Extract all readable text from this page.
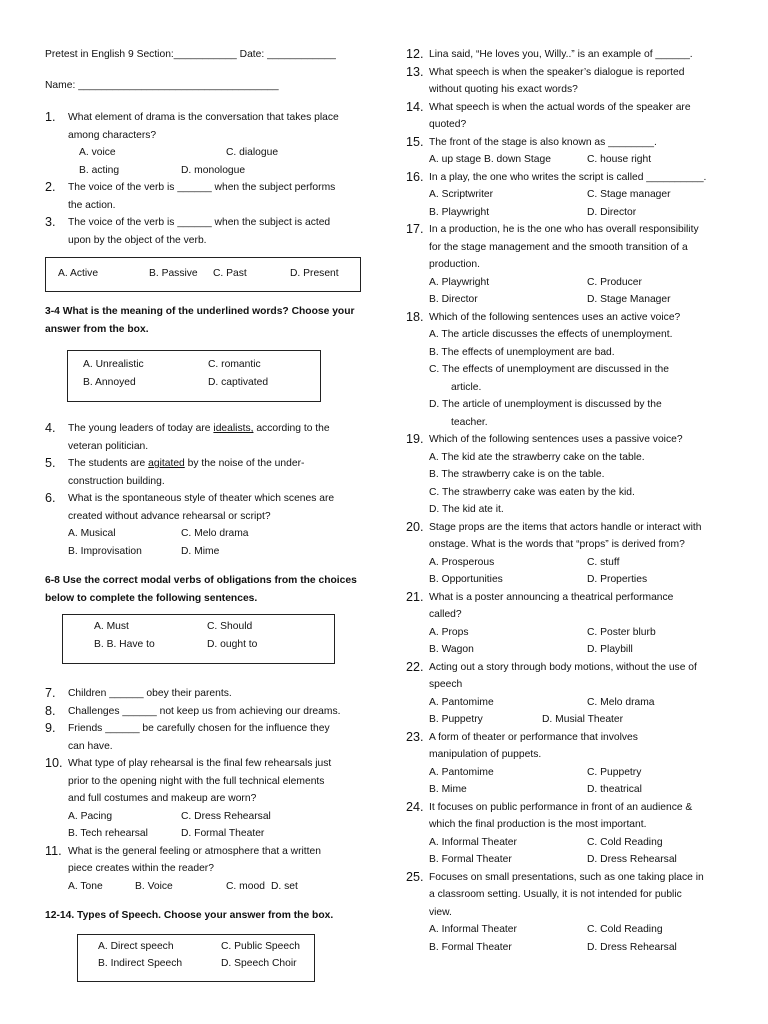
Pretest in English 9 Section:___________ Date: ____________
Name: ___________________________________
1. What element of drama is the conversation that takes place
among characters?
A. voice	C. dialogue
B. acting	D. monologue
2. The voice of the verb is ______ when the subject performs
the action.
3. The voice of the verb is ______ when the subject is acted
upon by the object of the verb.
A. Active	B. Passive C. Past	D. Present
3-4 What is the meaning of the underlined words? Choose your
answer from the box.
A. Unrealistic	C. romantic
B. Annoyed	D. captivated
4. The young leaders of today are idealists, according to the
veteran politician.
5. The students are agitated by the noise of the under-
construction building.
6. What is the spontaneous style of theater which scenes are
created without advance rehearsal or script?
A. Musical	C. Melo drama
B. Improvisation	D. Mime
6-8 Use the correct modal verbs of obligations from the choices
below to complete the following sentences.
A. Must	C. Should
B. B. Have to	D. ought to
7. Children ______ obey their parents.
8. Challenges ______ not keep us from achieving our dreams.
9. Friends ______ be carefully chosen for the influence they
can have.
10. What type of play rehearsal is the final few rehearsals just
prior to the opening night with the full technical elements
and full costumes and makeup are worn?
A. Pacing	C. Dress Rehearsal
B. Tech rehearsal	D. Formal Theater
11. What is the general feeling or atmosphere that a written
piece creates within the reader?
A. Tone	B. Voice	C. mood D. set
12-14. Types of Speech. Choose your answer from the box.
A. Direct speech	C. Public Speech
B. Indirect Speech	D. Speech Choir
12. Lina said, “He loves you, Willy..” is an example of ______.
13. What speech is when the speaker’s dialogue is reported
without quoting his exact words?
14. What speech is when the actual words of the speaker are
quoted?
15. The front of the stage is also known as ________.
A. up stage B. down Stage	C. house right
16. In a play, the one who writes the script is called __________.
A. Scriptwriter	C. Stage manager
B. Playwright	D. Director
17. In a production, he is the one who has overall responsibility
for the stage management and the smooth transition of a
production.
A. Playwright	C. Producer
B. Director	D. Stage Manager
18. Which of the following sentences uses an active voice?
A. The article discusses the effects of unemployment.
B. The effects of unemployment are bad.
C. The effects of unemployment are discussed in the
article.
D. The article of unemployment is discussed by the
teacher.
19. Which of the following sentences uses a passive voice?
A. The kid ate the strawberry cake on the table.
B. The strawberry cake is on the table.
C. The strawberry cake was eaten by the kid.
D. The kid ate it.
20. Stage props are the items that actors handle or interact with
onstage. What is the words that “props” is derived from?
A. Prosperous	C. stuff
B. Opportunities	D. Properties
21. What is a poster announcing a theatrical performance
called?
A. Props	C. Poster blurb
B. Wagon	D. Playbill
22. Acting out a story through body motions, without the use of
speech
A. Pantomime	C. Melo drama
B. Puppetry	D. Musial Theater
23. A form of theater or performance that involves
manipulation of puppets.
A. Pantomime	C. Puppetry
B. Mime	D. theatrical
24. It focuses on public performance in front of an audience &
which the final production is the most important.
A. Informal Theater	C. Cold Reading
B. Formal Theater	D. Dress Rehearsal
25. Focuses on small presentations, such as one taking place in
a classroom setting. Usually, it is not intended for public
view.
A. Informal Theater	C. Cold Reading
B. Formal Theater	D. Dress Rehearsal
